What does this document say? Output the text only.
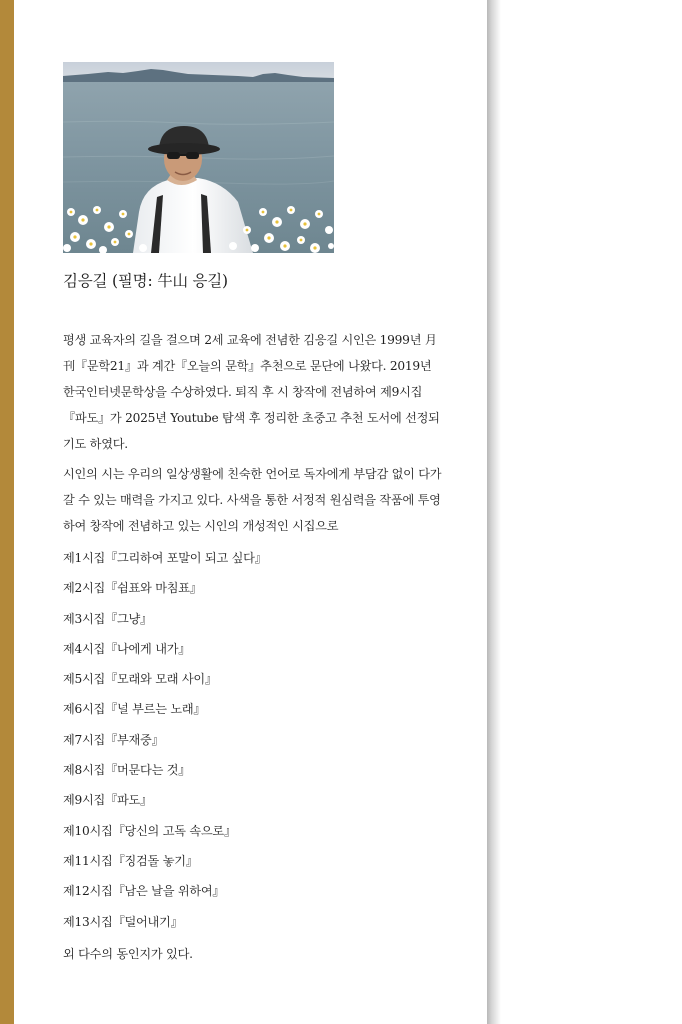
김응길 (필명: 牛山 응길)

평생 교육자의 길을 걸으며 2세 교육에 전념한 김응길 시인은 1999년 月刊『문학21』과 계간『오늘의 문학』추천으로 문단에 나왔다. 2019년 한국인터넷문학상을 수상하였다. 퇴직 후 시 창작에 전념하여 제9시집『파도』가 2025년 Youtube 탐색 후 정리한 초중고 추천 도서에 선정되기도 하였다.

시인의 시는 우리의 일상생활에 친숙한 언어로 독자에게 부담감 없이 다가갈 수 있는 매력을 가지고 있다. 사색을 통한 서정적 원심력을 작품에 투영하여 창작에 전념하고 있는 시인의 개성적인 시집으로

제1시집『그리하여 포말이 되고 싶다』
제2시집『쉼표와 마침표』
제3시집『그냥』
제4시집『나에게 내가』
제5시집『모래와 모래 사이』
제6시집『널 부르는 노래』
제7시집『부재중』
제8시집『머문다는 것』
제9시집『파도』
제10시집『당신의 고독 속으로』
제11시집『징검돌 놓기』
제12시집『남은 날을 위하여』
제13시집『덜어내기』
외 다수의 동인지가 있다.
